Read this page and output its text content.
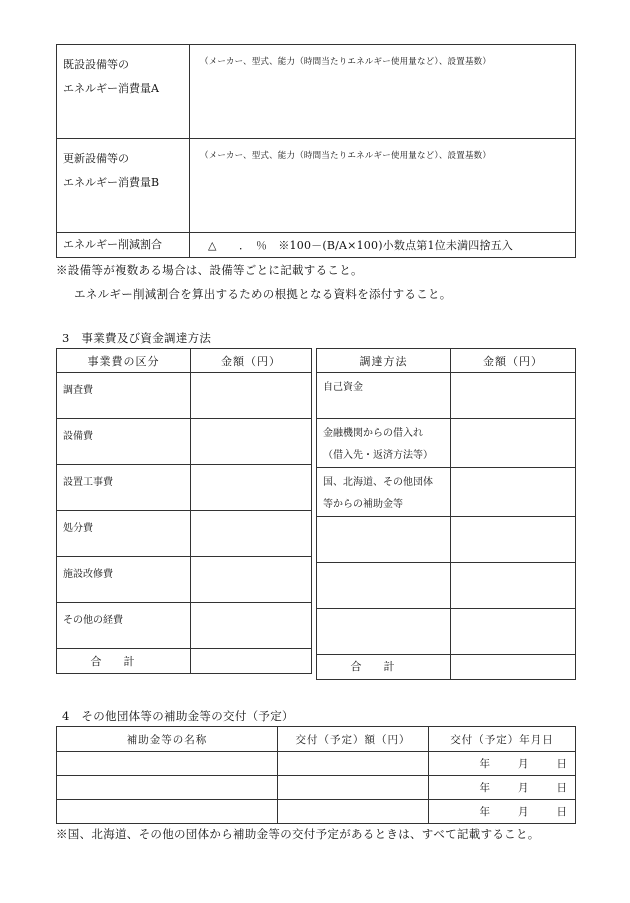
既設設備等の
エネルギー消費量A	（メーカー、型式、能力（時間当たりエネルギー使用量など）、設置基数）

更新設備等の
エネルギー消費量B	（メーカー、型式、能力（時間当たりエネルギー使用量など）、設置基数）
エネルギー削減割合	△　　．　％　※100－(B/A×100)小数点第1位未満四捨五入
※設備等が複数ある場合は、設備等ごとに記載すること。
エネルギー削減割合を算出するための根拠となる資料を添付すること。
3　事業費及び資金調達方法
事業費の区分	金額（円）
調査費	
設備費	
設置工事費	
処分費	
施設改修費	
その他の経費	
合計	
調達方法	金額（円）

自己資金	

金融機関からの借入れ
（借入先・返済方法等）	

国、北海道、その他団体
等からの補助金等	

合計	
4　その他団体等の補助金等の交付（予定）
補助金等の名称	交付（予定）額（円）	交付（予定）年月日
		年 月 日
		年 月 日
		年 月 日
※国、北海道、その他の団体から補助金等の交付予定があるときは、すべて記載すること。
